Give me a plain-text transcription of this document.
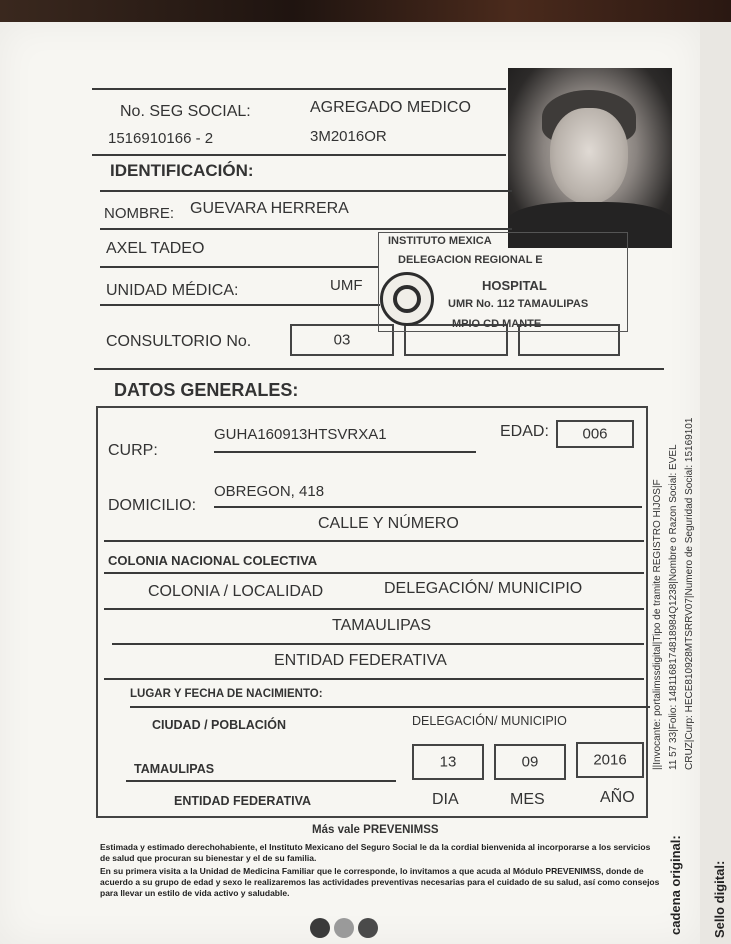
No. SEG SOCIAL:
1516910166 - 2
AGREGADO MEDICO
3M2016OR
IDENTIFICACIÓN:
NOMBRE: GUEVARA HERRERA
AXEL TADEO
UNIDAD MÉDICA:	UMF
CONSULTORIO No.	03
INSTITUTO MEXICA
DELEGACION REGIONAL E
HOSPITAL
UMR No. 112 TAMAULIPAS
MPIO CD MANTE
DATOS GENERALES:
CURP:
GUHA160913HTSVRXA1	EDAD:	006
DOMICILIO:
OBREGON, 418
CALLE Y NÚMERO
COLONIA NACIONAL COLECTIVA
COLONIA / LOCALIDAD	DELEGACIÓN/ MUNICIPIO
TAMAULIPAS
ENTIDAD FEDERATIVA
LUGAR Y FECHA DE NACIMIENTO:
CIUDAD / POBLACIÓN	DELEGACIÓN/ MUNICIPIO
TAMAULIPAS	13	09	2016
ENTIDAD FEDERATIVA	DIA	MES	AÑO
Más vale PREVENIMSS
Estimada y estimado derechohabiente, el Instituto Mexicano del Seguro Social le da la cordial bienvenida al incorporarse a los servicios de salud que procuran su bienestar y el de su familia.
En su primera visita a la Unidad de Medicina Familiar que le corresponde, lo invitamos a que acuda al Módulo PREVENIMSS, donde de acuerdo a su grupo de edad y sexo le realizaremos las actividades preventivas necesarias para el cuidado de su salud, así como consejos para llevar un estilo de vida activo y saludable.
||Invocante: portalimssdigital|Tipo de tramite REGISTRO HIJOS|F 11 57 33|Folio: 1481168174818984Q1238|Nombre o Razon Social: EVEL CRUZ|Curp: HECE810928MTSRRV07|Numero de Seguridad Social: 15169101
cadena original: Sello digital:
